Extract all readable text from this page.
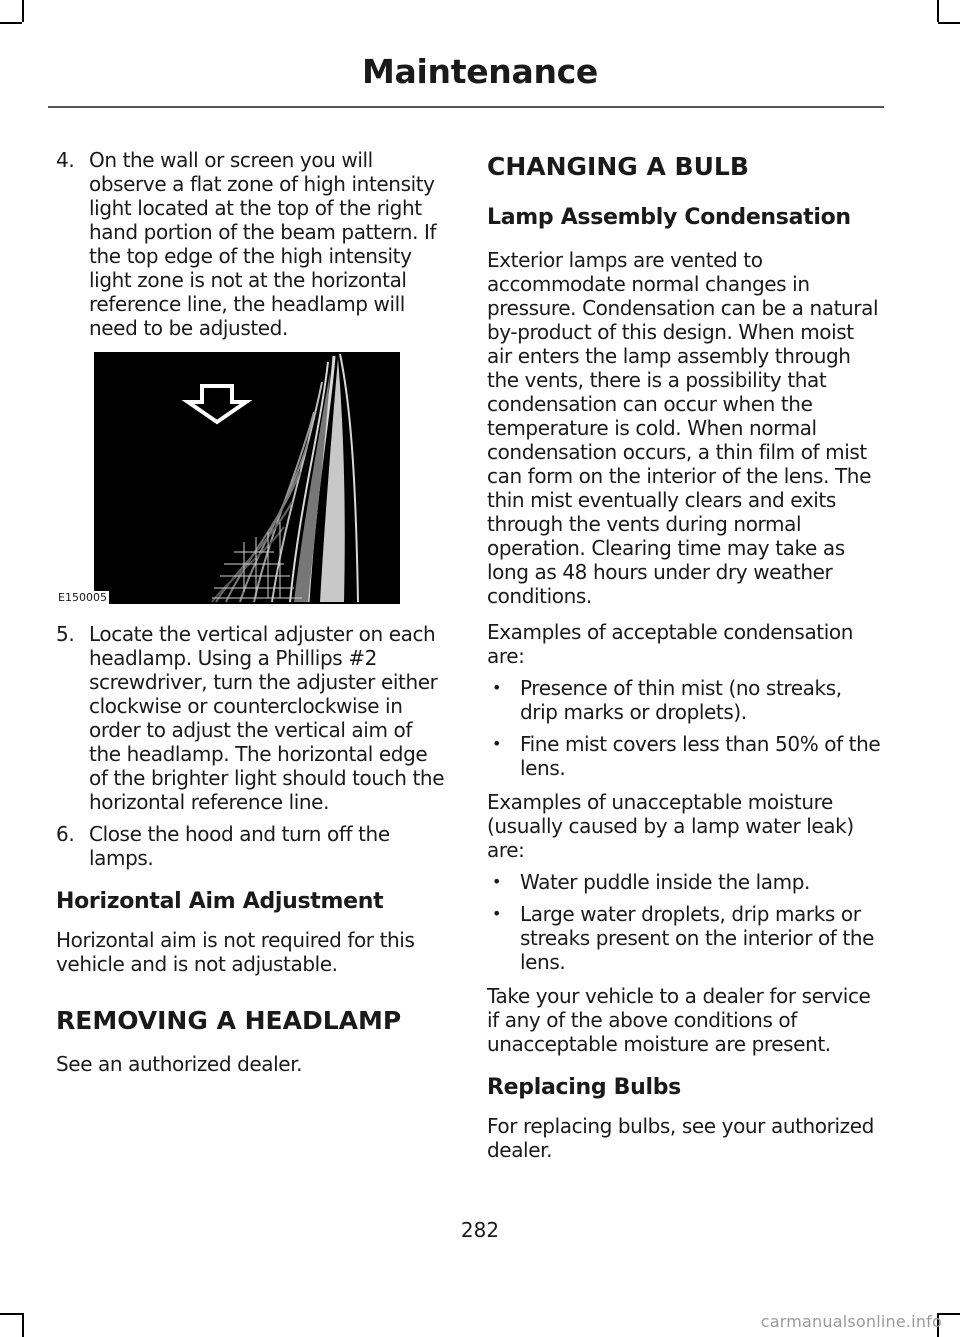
Maintenance
4. On the wall or screen you will observe a flat zone of high intensity light located at the top of the right hand portion of the beam pattern. If the top edge of the high intensity light zone is not at the horizontal reference line, the headlamp will need to be adjusted.
E150005
5. Locate the vertical adjuster on each headlamp. Using a Phillips #2 screwdriver, turn the adjuster either clockwise or counterclockwise in order to adjust the vertical aim of the headlamp. The horizontal edge of the brighter light should touch the horizontal reference line.
6. Close the hood and turn off the lamps.
Horizontal Aim Adjustment

Horizontal aim is not required for this vehicle and is not adjustable.

REMOVING A HEADLAMP

See an authorized dealer.

CHANGING A BULB
Lamp Assembly Condensation

Exterior lamps are vented to accommodate normal changes in pressure. Condensation can be a natural by-product of this design. When moist air enters the lamp assembly through the vents, there is a possibility that condensation can occur when the temperature is cold. When normal condensation occurs, a thin film of mist can form on the interior of the lens. The thin mist eventually clears and exits through the vents during normal operation. Clearing time may take as long as 48 hours under dry weather conditions.

Examples of acceptable condensation are:

• Presence of thin mist (no streaks, drip marks or droplets).
• Fine mist covers less than 50% of the lens.

Examples of unacceptable moisture (usually caused by a lamp water leak) are:

• Water puddle inside the lamp.
• Large water droplets, drip marks or streaks present on the interior of the lens.

Take your vehicle to a dealer for service if any of the above conditions of unacceptable moisture are present.

Replacing Bulbs

For replacing bulbs, see your authorized dealer.

282
carmanualsonline.info
